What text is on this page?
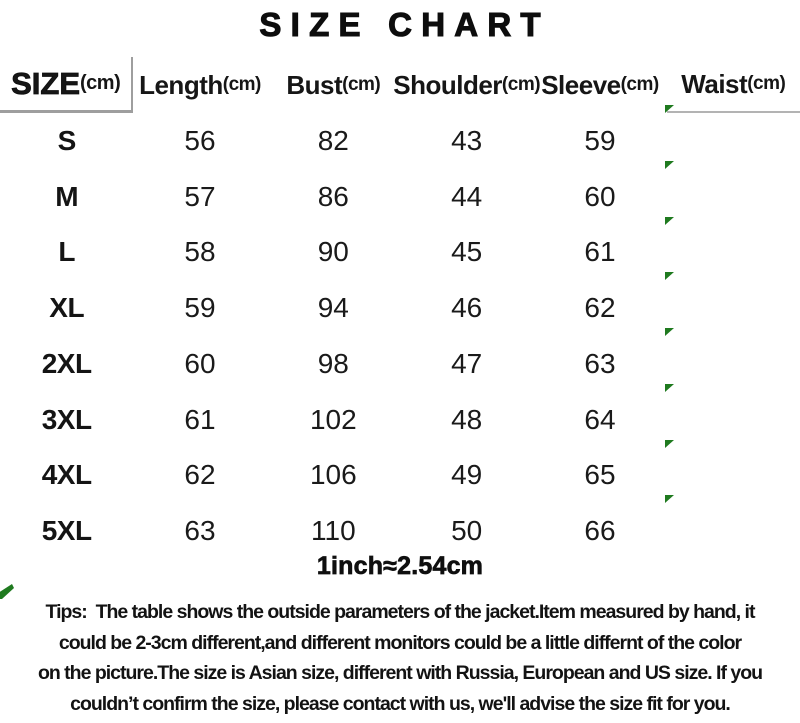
SIZE CHART
SIZE (cm) Length (cm) Bust (cm) Shoulder (cm) Sleeve (cm) Waist (cm)
S	56	82	43	59
M	57	86	44	60
L	58	90	45	61
XL	59	94	46	62
2XL	60	98	47	63
3XL	61	102	48	64
4XL	62	106	49	65
5XL	63	110	50	66
1inch≈2.54cm
Tips:  The table shows the outside parameters of the jacket.Item measured by hand, it
could be 2-3cm different,and different monitors could be a little differnt of the color
on the picture.The size is Asian size, different with Russia, European and US size. If you
couldn’t confirm the size, please contact with us, we'll advise the size fit for you.
